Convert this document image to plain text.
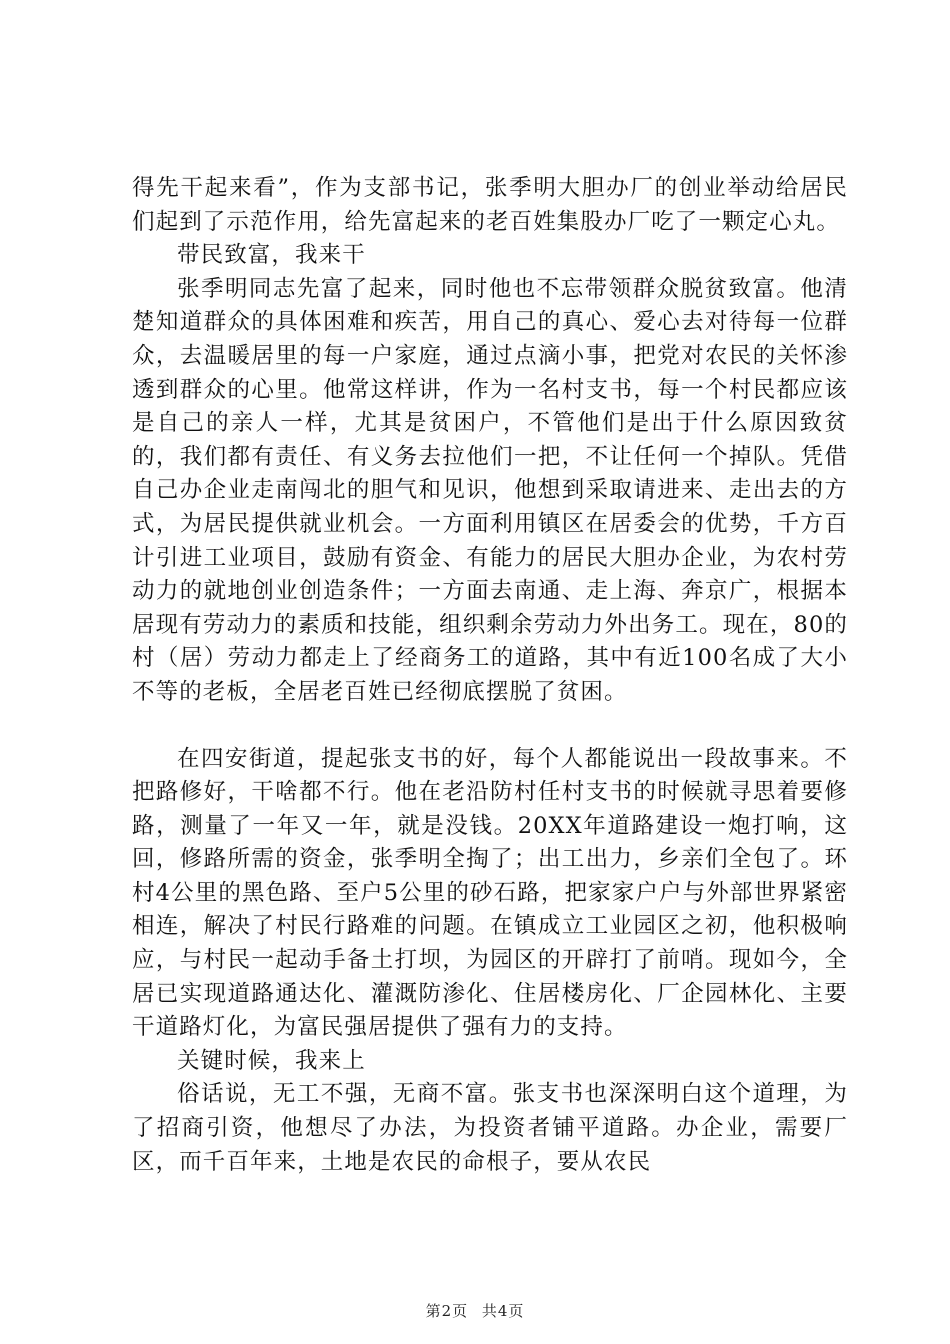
得先干起来看”，作为支部书记，张季明大胆办厂的创业举动给居民们起到了示范作用，给先富起来的老百姓集股办厂吃了一颗定心丸。

带民致富，我来干

张季明同志先富了起来，同时他也不忘带领群众脱贫致富。他清楚知道群众的具体困难和疾苦，用自己的真心、爱心去对待每一位群众，去温暖居里的每一户家庭，通过点滴小事，把党对农民的关怀渗透到群众的心里。他常这样讲，作为一名村支书，每一个村民都应该是自己的亲人一样，尤其是贫困户，不管他们是出于什么原因致贫的，我们都有责任、有义务去拉他们一把，不让任何一个掉队。凭借自己办企业走南闯北的胆气和见识，他想到采取请进来、走出去的方式，为居民提供就业机会。一方面利用镇区在居委会的优势，千方百计引进工业项目，鼓励有资金、有能力的居民大胆办企业，为农村劳动力的就地创业创造条件；一方面去南通、走上海、奔京广，根据本居现有劳动力的素质和技能，组织剩余劳动力外出务工。现在，80的村（居）劳动力都走上了经商务工的道路，其中有近100名成了大小不等的老板，全居老百姓已经彻底摆脱了贫困。

在四安街道，提起张支书的好，每个人都能说出一段故事来。不把路修好，干啥都不行。他在老沿防村任村支书的时候就寻思着要修路，测量了一年又一年，就是没钱。20XX年道路建设一炮打响，这回，修路所需的资金，张季明全掏了；出工出力，乡亲们全包了。环村4公里的黑色路、至户5公里的砂石路，把家家户户与外部世界紧密相连，解决了村民行路难的问题。在镇成立工业园区之初，他积极响应，与村民一起动手备土打坝，为园区的开辟打了前哨。现如今，全居已实现道路通达化、灌溉防渗化、住居楼房化、厂企园林化、主要干道路灯化，为富民强居提供了强有力的支持。

关键时候，我来上

俗话说，无工不强，无商不富。张支书也深深明白这个道理，为了招商引资，他想尽了办法，为投资者铺平道路。办企业，需要厂区，而千百年来，土地是农民的命根子，要从农民

第2页 共4页
